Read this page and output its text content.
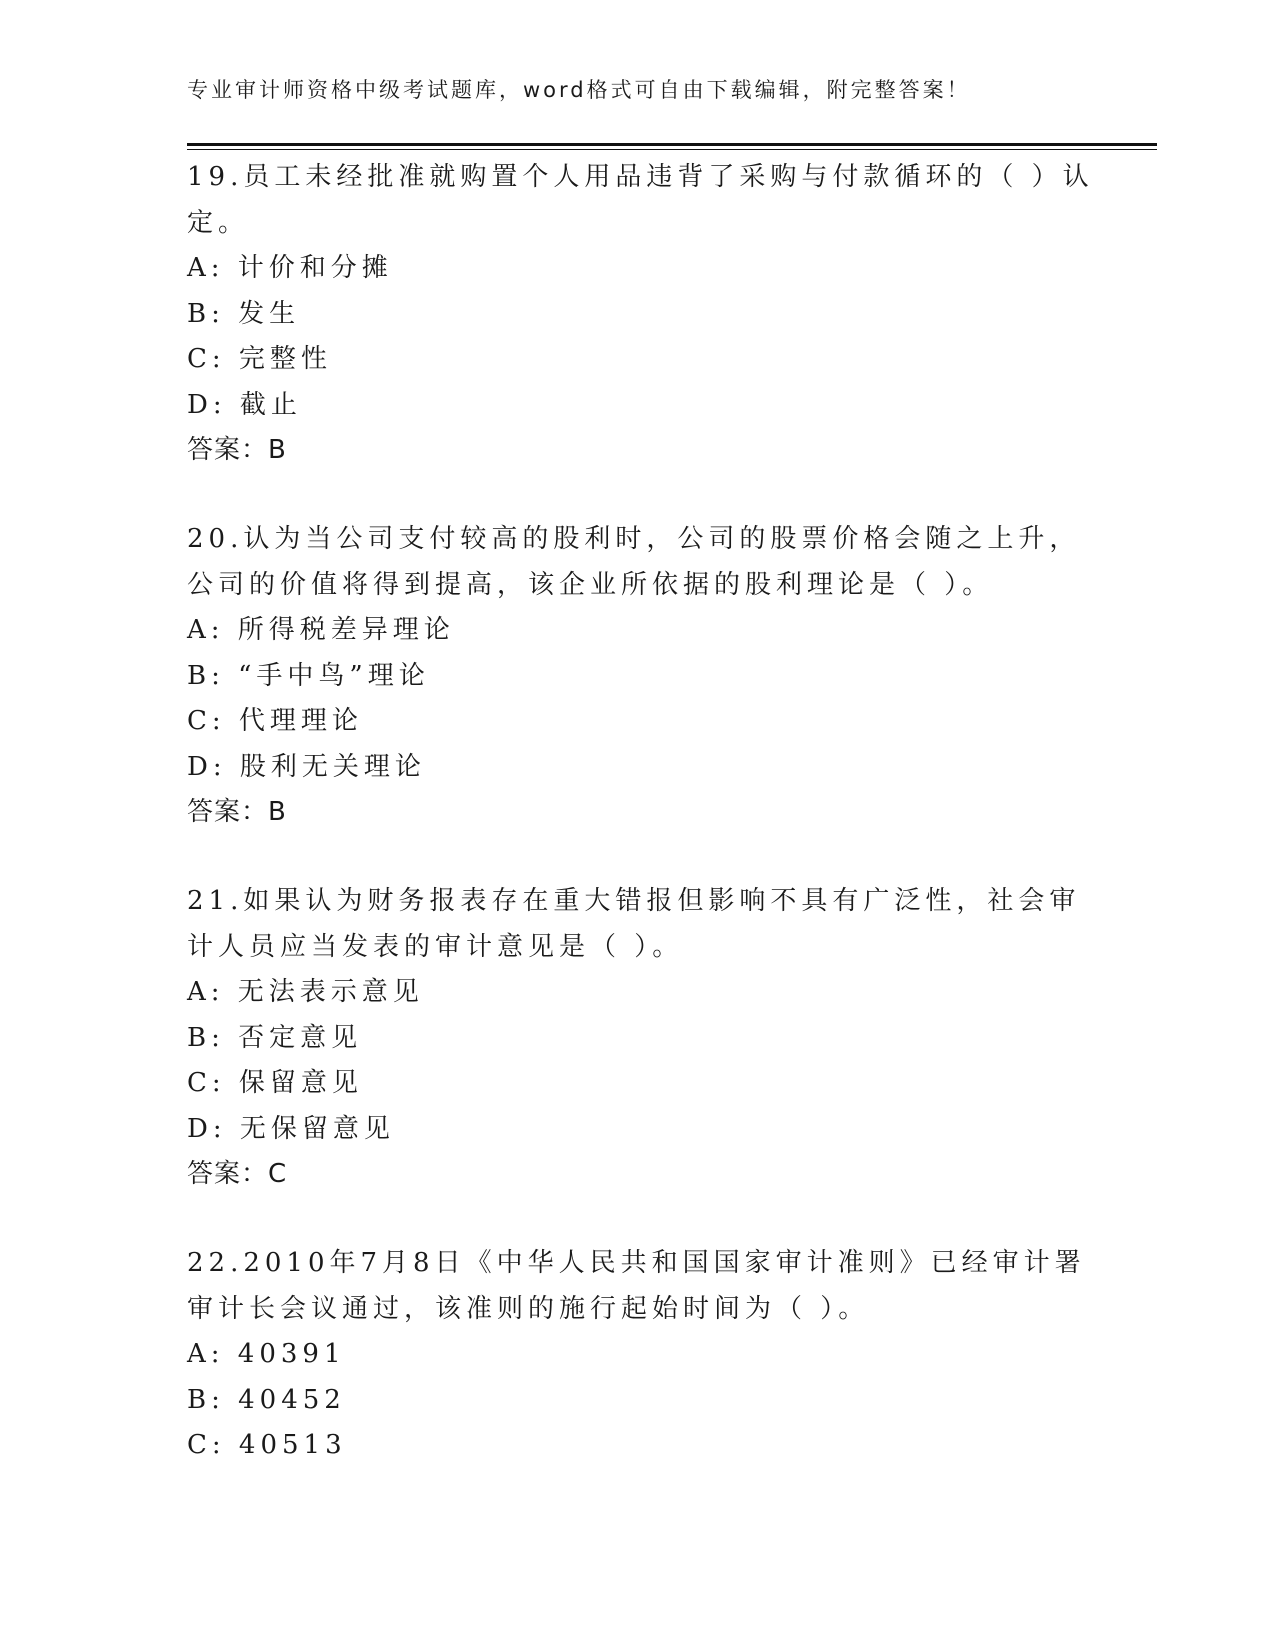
专业审计师资格中级考试题库，word格式可自由下载编辑，附完整答案！

19.员工未经批准就购置个人用品违背了采购与付款循环的（ ）认定。

A: 计价和分摊

B: 发生

C: 完整性

D: 截止

答案：B

20.认为当公司支付较高的股利时，公司的股票价格会随之上升，公司的价值将得到提高，该企业所依据的股利理论是（ ）。

A: 所得税差异理论

B: “手中鸟”理论

C: 代理理论

D: 股利无关理论

答案：B

21.如果认为财务报表存在重大错报但影响不具有广泛性，社会审计人员应当发表的审计意见是（ ）。

A: 无法表示意见

B: 否定意见

C: 保留意见

D: 无保留意见

答案：C

22.2010年7月8日《中华人民共和国国家审计准则》已经审计署审计长会议通过，该准则的施行起始时间为（ ）。

A: 40391

B: 40452

C: 40513
